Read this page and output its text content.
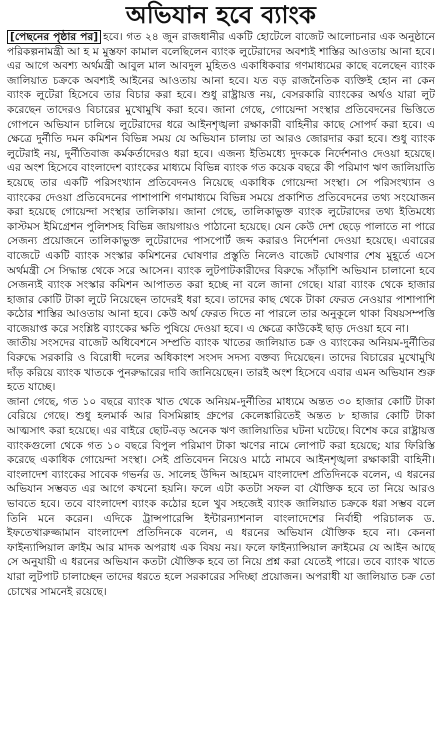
অভিযান হবে ব্যাংক
[পেছনের পৃষ্ঠার পর] হবে। গত ২৪ জুন রাজধানীর একটি হোটেলে বাজেট আলোচনার এক অনুষ্ঠানে পরিকল্পনামন্ত্রী আ হ ম মুস্তফা কামাল বলেছিলেন ব্যাংক লুটেরাদের অবশ্যই শাস্তির আওতায় আনা হবে। এর আগে অবশ্য অর্থমন্ত্রী আবুল মাল আবদুল মুহিতও একাধিকবার গণমাধ্যমের কাছে বলেছেন ব্যাংক জালিয়াত চক্রকে অবশ্যই আইনের আওতায় আনা হবে। যত বড় রাজনৈতিক ব্যক্তিই হোন না কেন ব্যাংক লুটেরা হিসেবে তার বিচার করা হবে। শুধু রাষ্ট্রায়ত্ত নয়, বেসরকারি ব্যাংকের অর্থও যারা লুট করেছেন তাদেরও বিচারের মুখোমুখি করা হবে। জানা গেছে, গোয়েন্দা সংস্থার প্রতিবেদনের ভিত্তিতে গোপনে অভিযান চালিয়ে লুটেরাদের ধরে আইনশৃঙ্খলা রক্ষাকারী বাহিনীর কাছে সোপর্দ করা হবে। এ ক্ষেত্রে দুর্নীতি দমন কমিশন বিভিন্ন সময় যে অভিযান চালায় তা আরও জোরদার করা হবে। শুধু ব্যাংক লুটেরাই নয়, দুর্নীতিবাজ কর্মকর্তাদেরও ধরা হবে। এজন্য ইতিমধ্যে দুদককে নির্দেশনাও দেওয়া হয়েছে। এর অংশ হিসেবে বাংলাদেশ ব্যাংকের মাধ্যমে বিভিন্ন ব্যাংক গত কয়েক বছরে কী পরিমাণ ঋণ জালিয়াতি হয়েছে তার একটি পরিসংখ্যান প্রতিবেদনও নিয়েছে একাধিক গোয়েন্দা সংস্থা। সে পরিসংখ্যান ও ব্যাংকের দেওয়া প্রতিবেদনের পাশাপাশি গণমাধ্যমে বিভিন্ন সময়ে প্রকাশিত প্রতিবেদনের তথ্য সংযোজন করা হয়েছে গোয়েন্দা সংস্থার তালিকায়। জানা গেছে, তালিকাভুক্ত ব্যাংক লুটেরাদের তথ্য ইতিমধ্যে কাস্টমস ইমিগ্রেশন পুলিশসহ বিভিন্ন জায়গায়ও পাঠানো হয়েছে। যেন কেউ দেশ ছেড়ে পালাতে না পারে সেজন্য প্রয়োজনে তালিকাভুক্ত লুটেরাদের পাসপোর্ট জব্দ করারও নির্দেশনা দেওয়া হয়েছে। এবারের বাজেটে একটি ব্যাংক সংস্কার কমিশনের ঘোষণার প্রস্তুতি নিলেও বাজেট ঘোষণার শেষ মুহূর্তে এসে অর্থমন্ত্রী সে সিদ্ধান্ত থেকে সরে আসেন। ব্যাংক লুটপাটকারীদের বিরুদ্ধে সাঁড়াশি অভিযান চালানো হবে সেজন্যই ব্যাংক সংস্কার কমিশন আপাতত করা হচ্ছে না বলে জানা গেছে। যারা ব্যাংক থেকে হাজার হাজার কোটি টাকা লুটে নিয়েছেন তাদেরই ধরা হবে। তাদের কাছ থেকে টাকা ফেরত নেওয়ার পাশাপাশি কঠোর শাস্তির আওতায় আনা হবে। কেউ অর্থ ফেরত দিতে না পারলে তার অনুকূলে থাকা বিষয়সম্পত্তি বাজেয়াপ্ত করে সংশ্লিষ্ট ব্যাংকের ক্ষতি পুষিয়ে দেওয়া হবে। এ ক্ষেত্রে কাউকেই ছাড় দেওয়া হবে না।
জাতীয় সংসদের বাজেট অধিবেশনে সম্প্রতি ব্যাংক খাতের জালিয়াত চক্র ও ব্যাংকের অনিয়ম-দুর্নীতির বিরুদ্ধে সরকারি ও বিরোধী দলের অধিকাংশ সংসদ সদস্য বক্তব্য দিয়েছেন। তাদের বিচারের মুখোমুখি দাঁড় করিয়ে ব্যাংক খাতকে পুনরুদ্ধারের দাবি জানিয়েছেন। তারই অংশ হিসেবে এবার এমন অভিযান শুরু হতে যাচ্ছে।
জানা গেছে, গত ১০ বছরে ব্যাংক খাত থেকে অনিয়ম-দুর্নীতির মাধ্যমে অন্তত ৩০ হাজার কোটি টাকা বেরিয়ে গেছে। শুধু হলমার্ক আর বিসমিল্লাহ গ্রুপের কেলেঙ্কারিতেই অন্তত ৮ হাজার কোটি টাকা আত্মসাৎ করা হয়েছে। এর বাইরে ছোট-বড় অনেক ঋণ জালিয়াতির ঘটনা ঘটেছে। বিশেষ করে রাষ্ট্রায়ত্ত ব্যাংকগুলো থেকে গত ১০ বছরে বিপুল পরিমাণ টাকা ঋণের নামে লোপাট করা হয়েছে; যার ফিরিস্তি করেছে একাধিক গোয়েন্দা সংস্থা। সেই প্রতিবেদন নিয়েও মাঠে নামবে আইনশৃঙ্খলা রক্ষাকারী বাহিনী। বাংলাদেশ ব্যাংকের সাবেক গভর্নর ড. সালেহ উদ্দিন আহমেদ বাংলাদেশ প্রতিদিনকে বলেন, এ ধরনের অভিযান সম্ভবত এর আগে কখনো হয়নি। ফলে এটা কতটা সফল বা যৌক্তিক হবে তা নিয়ে আরও ভাবতে হবে। তবে বাংলাদেশ ব্যাংক কঠোর হলে খুব সহজেই ব্যাংক জালিয়াত চক্রকে ধরা সম্ভব বলে তিনি মনে করেন। এদিকে ট্রান্সপারেন্সি ইন্টারন্যাশনাল বাংলাদেশের নির্বাহী পরিচালক ড. ইফতেখারুজ্জামান বাংলাদেশ প্রতিদিনকে বলেন, এ ধরনের অভিযান যৌক্তিক হবে না। কেননা ফাইন্যান্সিয়াল ক্রাইম আর মাদক অপরাধ এক বিষয় নয়। ফলে ফাইন্যান্সিয়াল ক্রাইমের যে আইন আছে সে অনুযায়ী এ ধরনের অভিযান কতটা যৌক্তিক হবে তা নিয়ে প্রশ্ন করা যেতেই পারে। তবে ব্যাংক খাতে যারা লুটপাট চালাচ্ছেন তাদের ধরতে হলে সরকারের সদিচ্ছা প্রয়োজন। অপরাধী যা জালিয়াত চক্র তো চোখের সামনেই রয়েছে।
